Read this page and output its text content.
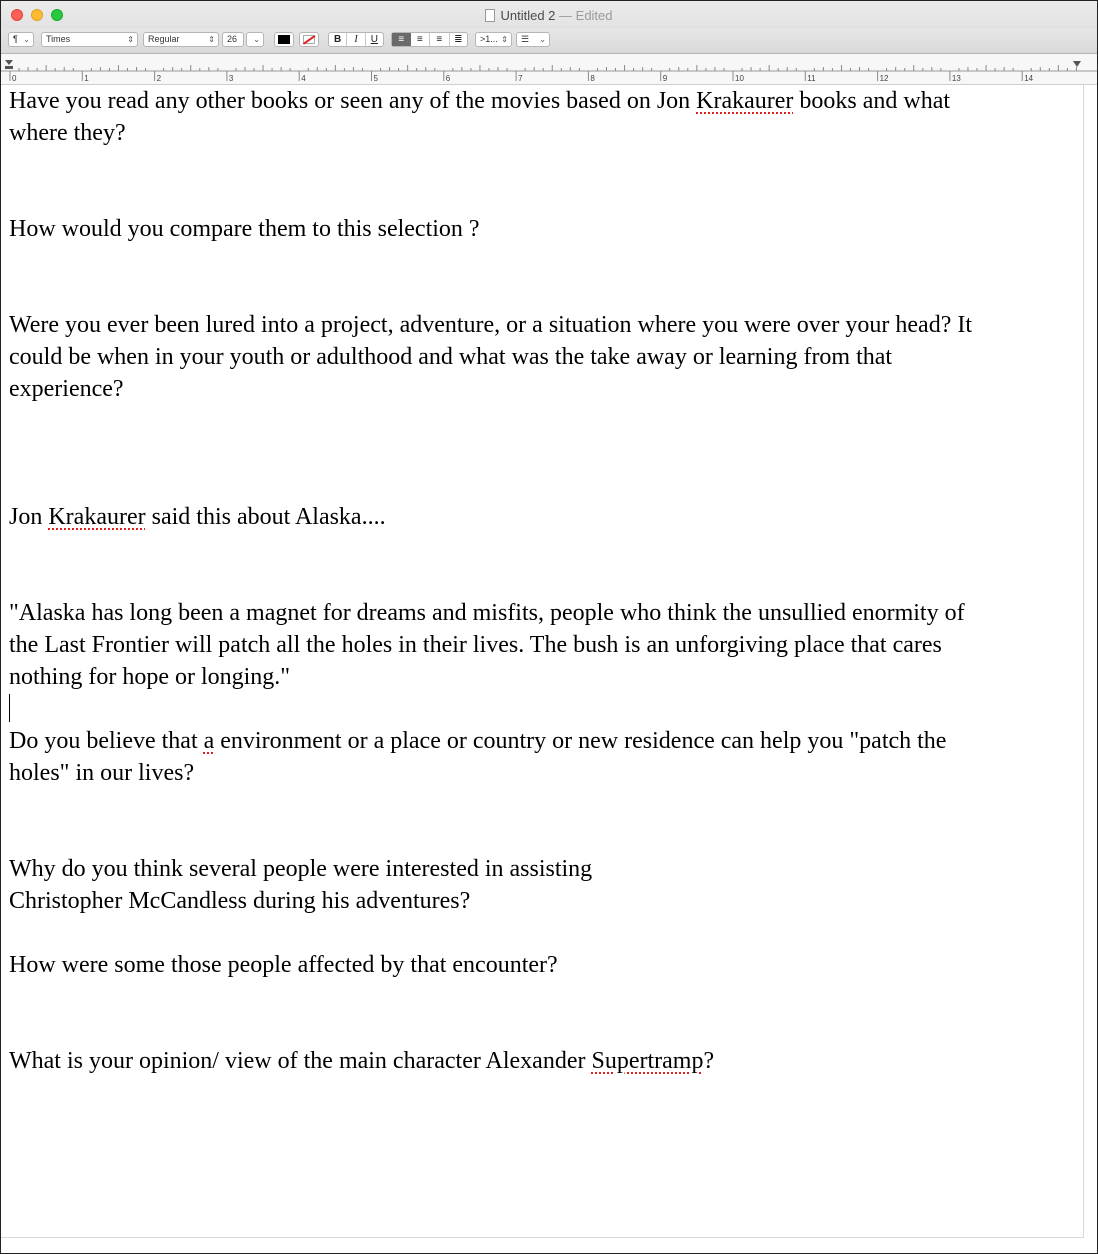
Untitled 2 — Edited
¶ ⌄	Times	⇕	Regular	⇕	26	⌄	B	I	U	≡	≡	≡	≣	>1... ⇕	☰ ⌄
0	1	2	3	4	5	6	7	8	9	10	11	12	13	14

Have you read any other books or seen any of the movies based on Jon Krakaurer books and what

where they?

How would you compare them to this selection ?

Were you ever been lured into a project, adventure, or a situation where you were over your head? It

could be when in your youth or adulthood and what was the take away or learning from that

experience?

Jon Krakaurer said this about Alaska....

"Alaska has long been a magnet for dreams and misfits, people who think the unsullied enormity of

the Last Frontier will patch all the holes in their lives. The bush is an unforgiving place that cares

nothing for hope or longing."

Do you believe that a environment or a place or country or new residence can help you "patch the

holes" in our lives?

Why do you think several people were interested in assisting

Christopher McCandless during his adventures?

How were some those people affected by that encounter?

What is your opinion/ view of the main character Alexander Supertramp?
